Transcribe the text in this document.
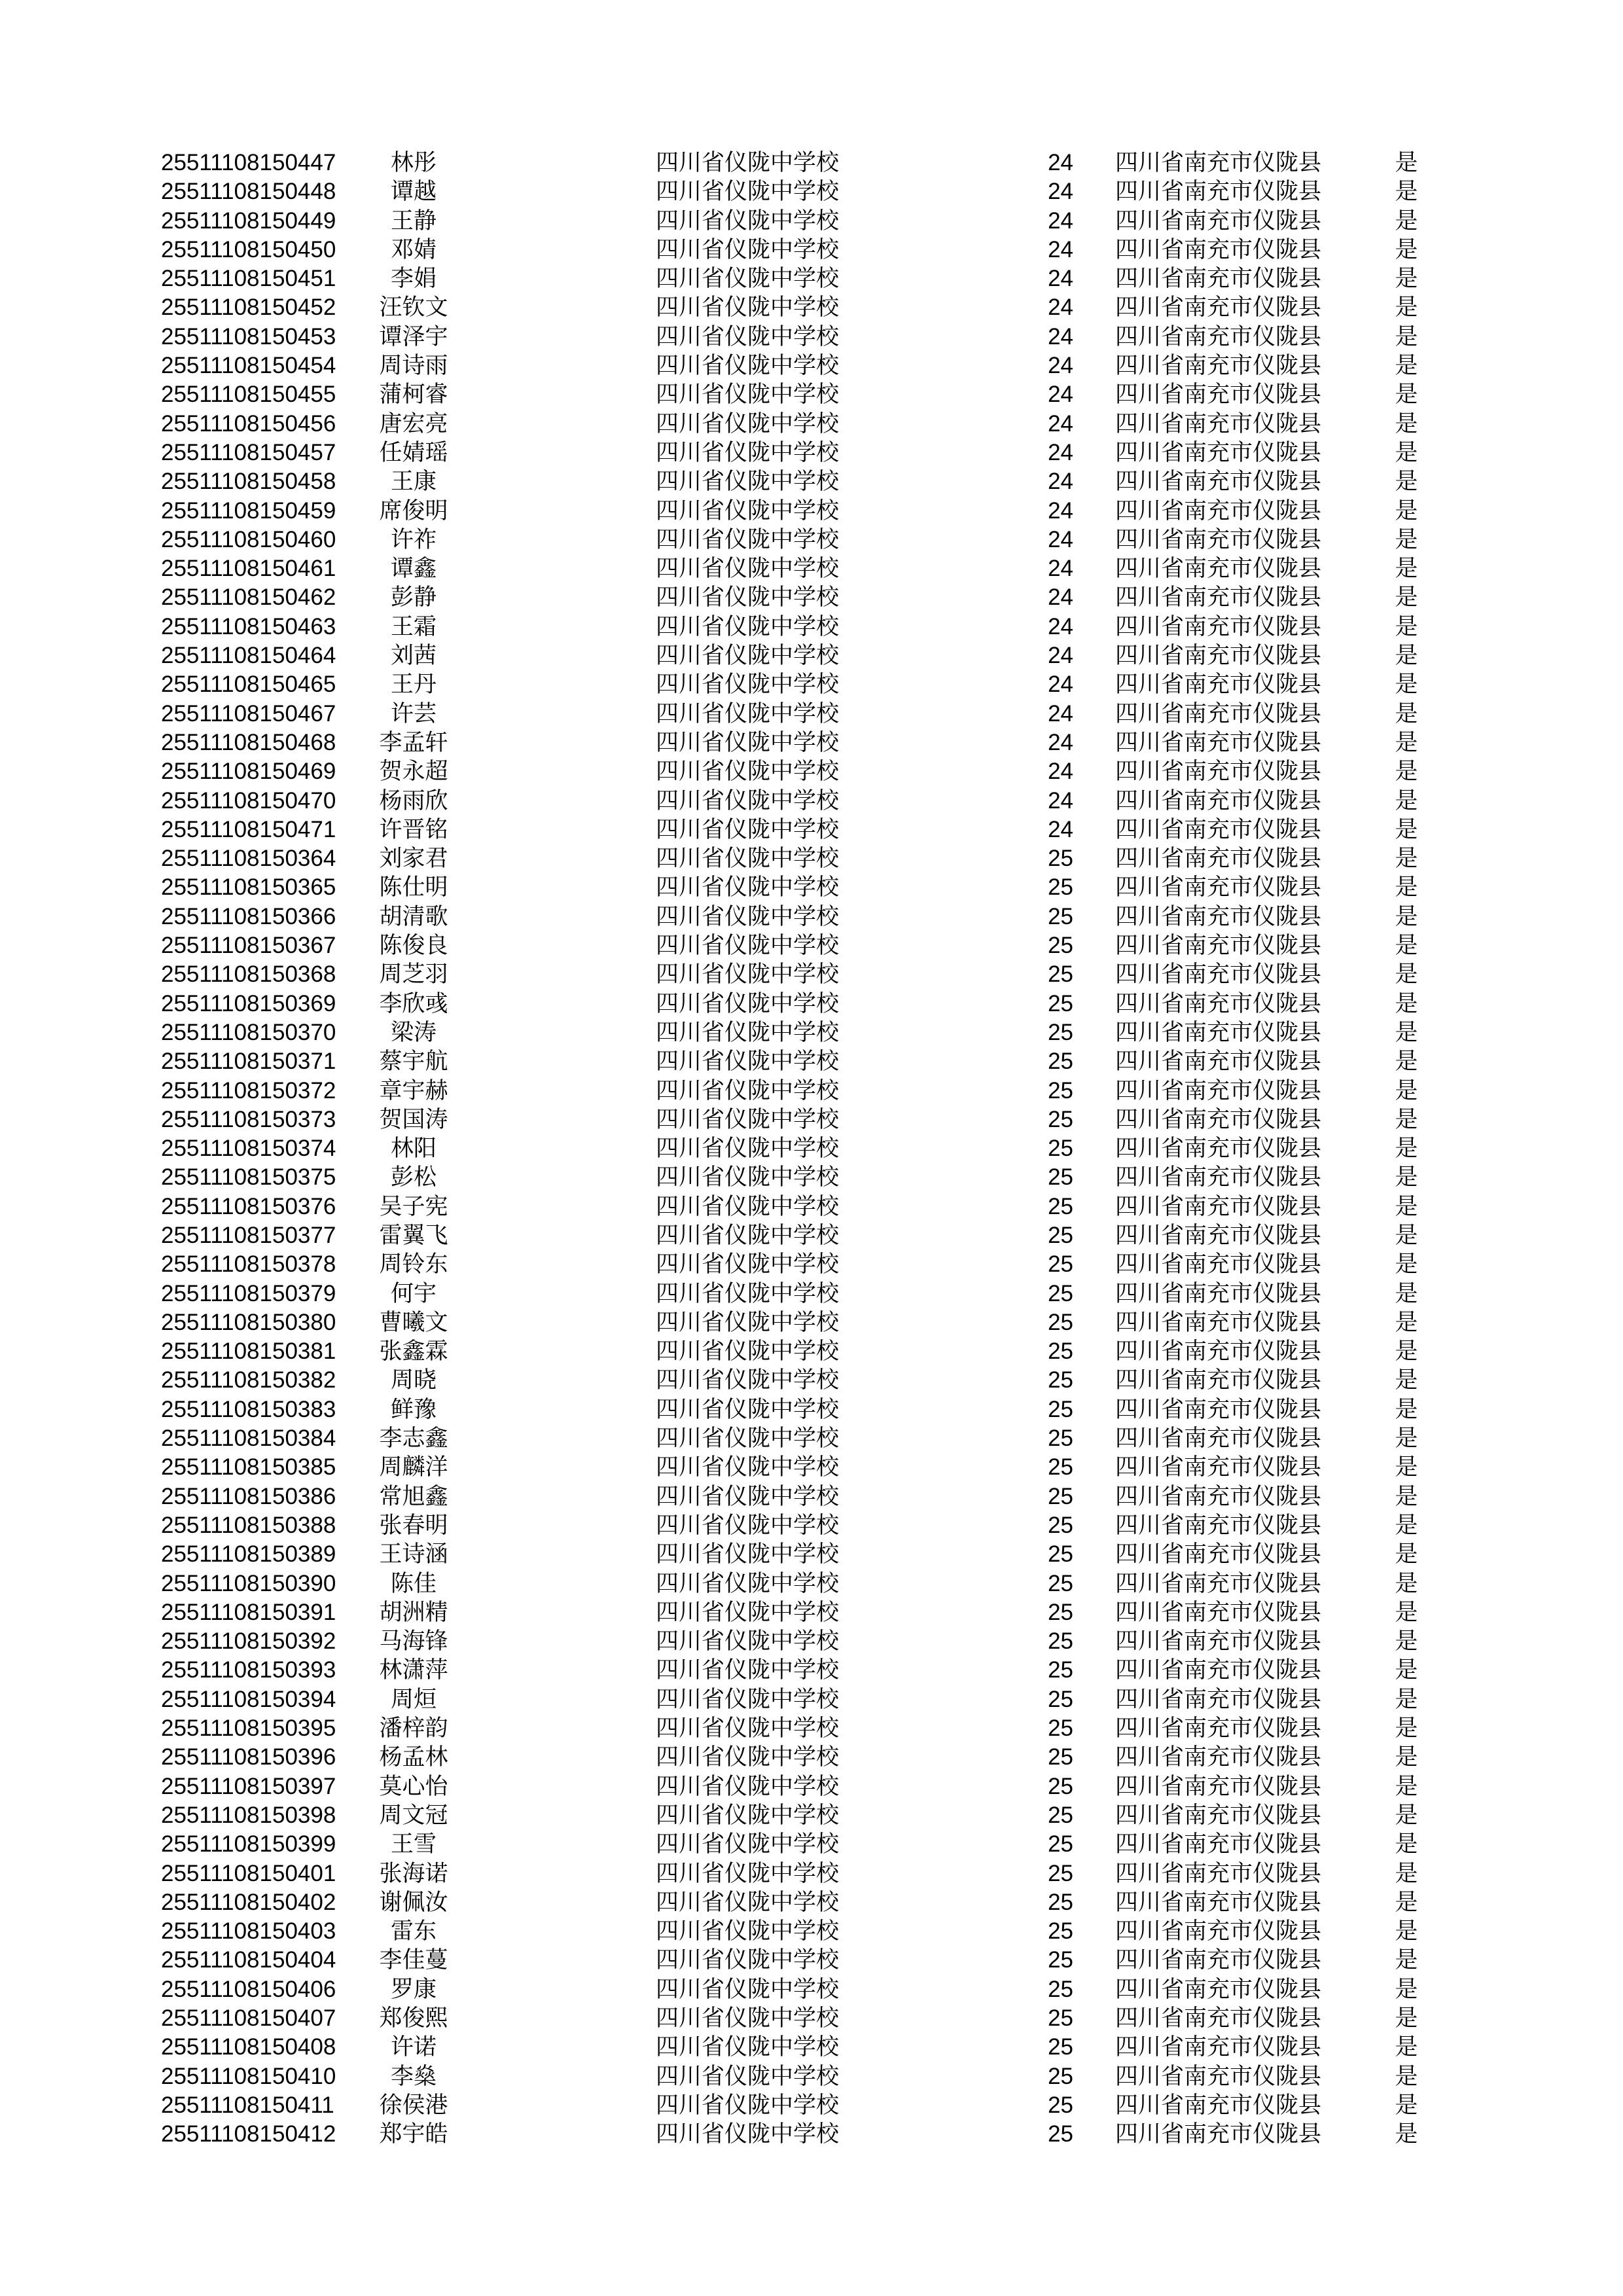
25511108150447	林彤	四川省仪陇中学校	24 四川省南充市仪陇县	是
25511108150448	谭越	四川省仪陇中学校	24 四川省南充市仪陇县	是
25511108150449	王静	四川省仪陇中学校	24 四川省南充市仪陇县	是
25511108150450	邓婧	四川省仪陇中学校	24 四川省南充市仪陇县	是
25511108150451	李娟	四川省仪陇中学校	24 四川省南充市仪陇县	是
25511108150452	汪钦文	四川省仪陇中学校	24 四川省南充市仪陇县	是
25511108150453	谭泽宇	四川省仪陇中学校	24 四川省南充市仪陇县	是
25511108150454	周诗雨	四川省仪陇中学校	24 四川省南充市仪陇县	是
25511108150455	蒲柯睿	四川省仪陇中学校	24 四川省南充市仪陇县	是
25511108150456	唐宏亮	四川省仪陇中学校	24 四川省南充市仪陇县	是
25511108150457	任婧瑶	四川省仪陇中学校	24 四川省南充市仪陇县	是
25511108150458	王康	四川省仪陇中学校	24 四川省南充市仪陇县	是
25511108150459	席俊明	四川省仪陇中学校	24 四川省南充市仪陇县	是
25511108150460	许祚	四川省仪陇中学校	24 四川省南充市仪陇县	是
25511108150461	谭鑫	四川省仪陇中学校	24 四川省南充市仪陇县	是
25511108150462	彭静	四川省仪陇中学校	24 四川省南充市仪陇县	是
25511108150463	王霜	四川省仪陇中学校	24 四川省南充市仪陇县	是
25511108150464	刘茜	四川省仪陇中学校	24 四川省南充市仪陇县	是
25511108150465	王丹	四川省仪陇中学校	24 四川省南充市仪陇县	是
25511108150467	许芸	四川省仪陇中学校	24 四川省南充市仪陇县	是
25511108150468	李孟轩	四川省仪陇中学校	24 四川省南充市仪陇县	是
25511108150469	贺永超	四川省仪陇中学校	24 四川省南充市仪陇县	是
25511108150470	杨雨欣	四川省仪陇中学校	24 四川省南充市仪陇县	是
25511108150471	许晋铭	四川省仪陇中学校	24 四川省南充市仪陇县	是
25511108150364	刘家君	四川省仪陇中学校	25 四川省南充市仪陇县	是
25511108150365	陈仕明	四川省仪陇中学校	25 四川省南充市仪陇县	是
25511108150366	胡清歌	四川省仪陇中学校	25 四川省南充市仪陇县	是
25511108150367	陈俊良	四川省仪陇中学校	25 四川省南充市仪陇县	是
25511108150368	周芝羽	四川省仪陇中学校	25 四川省南充市仪陇县	是
25511108150369	李欣彧	四川省仪陇中学校	25 四川省南充市仪陇县	是
25511108150370	梁涛	四川省仪陇中学校	25 四川省南充市仪陇县	是
25511108150371	蔡宇航	四川省仪陇中学校	25 四川省南充市仪陇县	是
25511108150372	章宇赫	四川省仪陇中学校	25 四川省南充市仪陇县	是
25511108150373	贺国涛	四川省仪陇中学校	25 四川省南充市仪陇县	是
25511108150374	林阳	四川省仪陇中学校	25 四川省南充市仪陇县	是
25511108150375	彭松	四川省仪陇中学校	25 四川省南充市仪陇县	是
25511108150376	吴子宪	四川省仪陇中学校	25 四川省南充市仪陇县	是
25511108150377	雷翼飞	四川省仪陇中学校	25 四川省南充市仪陇县	是
25511108150378	周铃东	四川省仪陇中学校	25 四川省南充市仪陇县	是
25511108150379	何宇	四川省仪陇中学校	25 四川省南充市仪陇县	是
25511108150380	曹曦文	四川省仪陇中学校	25 四川省南充市仪陇县	是
25511108150381	张鑫霖	四川省仪陇中学校	25 四川省南充市仪陇县	是
25511108150382	周晓	四川省仪陇中学校	25 四川省南充市仪陇县	是
25511108150383	鲜豫	四川省仪陇中学校	25 四川省南充市仪陇县	是
25511108150384	李志鑫	四川省仪陇中学校	25 四川省南充市仪陇县	是
25511108150385	周麟洋	四川省仪陇中学校	25 四川省南充市仪陇县	是
25511108150386	常旭鑫	四川省仪陇中学校	25 四川省南充市仪陇县	是
25511108150388	张春明	四川省仪陇中学校	25 四川省南充市仪陇县	是
25511108150389	王诗涵	四川省仪陇中学校	25 四川省南充市仪陇县	是
25511108150390	陈佳	四川省仪陇中学校	25 四川省南充市仪陇县	是
25511108150391	胡洲精	四川省仪陇中学校	25 四川省南充市仪陇县	是
25511108150392	马海锋	四川省仪陇中学校	25 四川省南充市仪陇县	是
25511108150393	林潇萍	四川省仪陇中学校	25 四川省南充市仪陇县	是
25511108150394	周烜	四川省仪陇中学校	25 四川省南充市仪陇县	是
25511108150395	潘梓韵	四川省仪陇中学校	25 四川省南充市仪陇县	是
25511108150396	杨孟林	四川省仪陇中学校	25 四川省南充市仪陇县	是
25511108150397	莫心怡	四川省仪陇中学校	25 四川省南充市仪陇县	是
25511108150398	周文冠	四川省仪陇中学校	25 四川省南充市仪陇县	是
25511108150399	王雪	四川省仪陇中学校	25 四川省南充市仪陇县	是
25511108150401	张海诺	四川省仪陇中学校	25 四川省南充市仪陇县	是
25511108150402	谢佩汝	四川省仪陇中学校	25 四川省南充市仪陇县	是
25511108150403	雷东	四川省仪陇中学校	25 四川省南充市仪陇县	是
25511108150404	李佳蔓	四川省仪陇中学校	25 四川省南充市仪陇县	是
25511108150406	罗康	四川省仪陇中学校	25 四川省南充市仪陇县	是
25511108150407	郑俊熙	四川省仪陇中学校	25 四川省南充市仪陇县	是
25511108150408	许诺	四川省仪陇中学校	25 四川省南充市仪陇县	是
25511108150410	李燊	四川省仪陇中学校	25 四川省南充市仪陇县	是
25511108150411	徐侯港	四川省仪陇中学校	25 四川省南充市仪陇县	是
25511108150412	郑宇皓	四川省仪陇中学校	25 四川省南充市仪陇县	是
